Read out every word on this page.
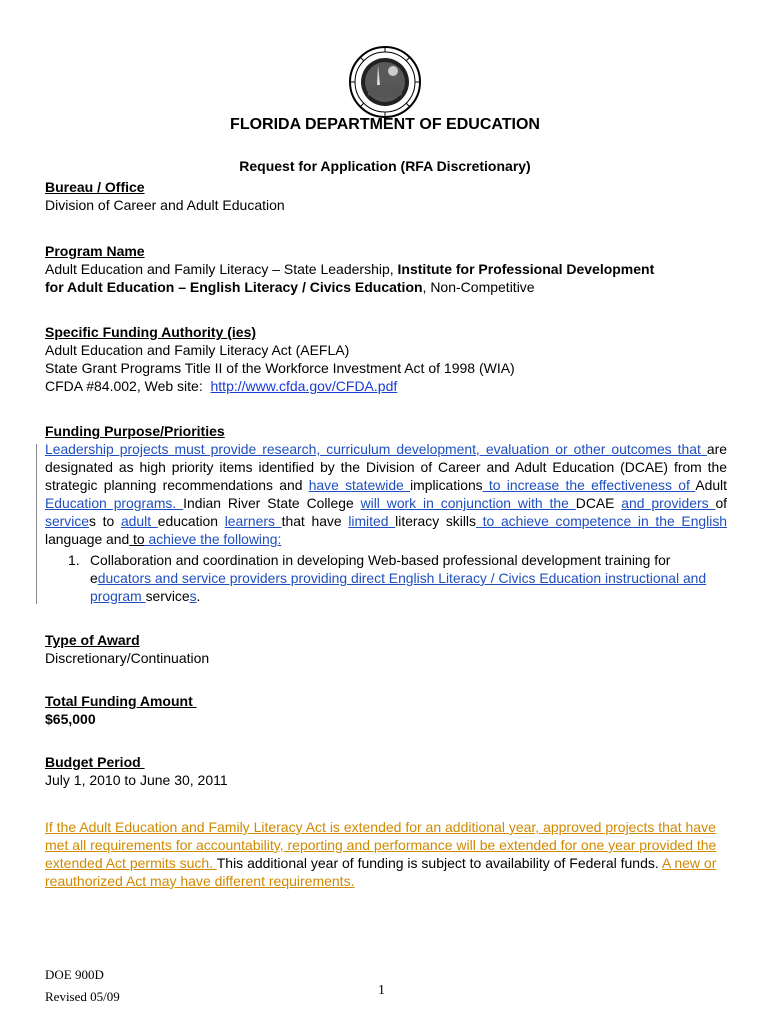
FLORIDA DEPARTMENT OF EDUCATION
Request for Application (RFA Discretionary)
Bureau / Office
Division of Career and Adult Education
Program Name
Adult Education and Family Literacy – State Leadership, Institute for Professional Development
for Adult Education – English Literacy / Civics Education, Non-Competitive
Specific Funding Authority (ies)
Adult Education and Family Literacy Act (AEFLA)
State Grant Programs Title II of the Workforce Investment Act of 1998 (WIA)
CFDA #84.002, Web site:  http://www.cfda.gov/CFDA.pdf
Funding Purpose/Priorities
Leadership projects must provide research, curriculum development, evaluation or other outcomes that are designated as high priority items identified by the Division of Career and Adult Education (DCAE) from the strategic planning recommendations and have statewide implications to increase the effectiveness of Adult Education programs. Indian River State College will work in conjunction with the DCAE and providers of services to adult education learners that have limited literacy skills to achieve competence in the English language and to achieve the following:
1. Collaboration and coordination in developing Web-based professional development training for educators and service providers providing direct English Literacy / Civics Education instructional and program services.
Type of Award
Discretionary/Continuation
Total Funding Amount
$65,000
Budget Period
July 1, 2010 to June 30, 2011
If the Adult Education and Family Literacy Act is extended for an additional year, approved projects that have met all requirements for accountability, reporting and performance will be extended for one year provided the extended Act permits such. This additional year of funding is subject to availability of Federal funds. A new or reauthorized Act may have different requirements.
DOE 900D
Revised 05/09	1
